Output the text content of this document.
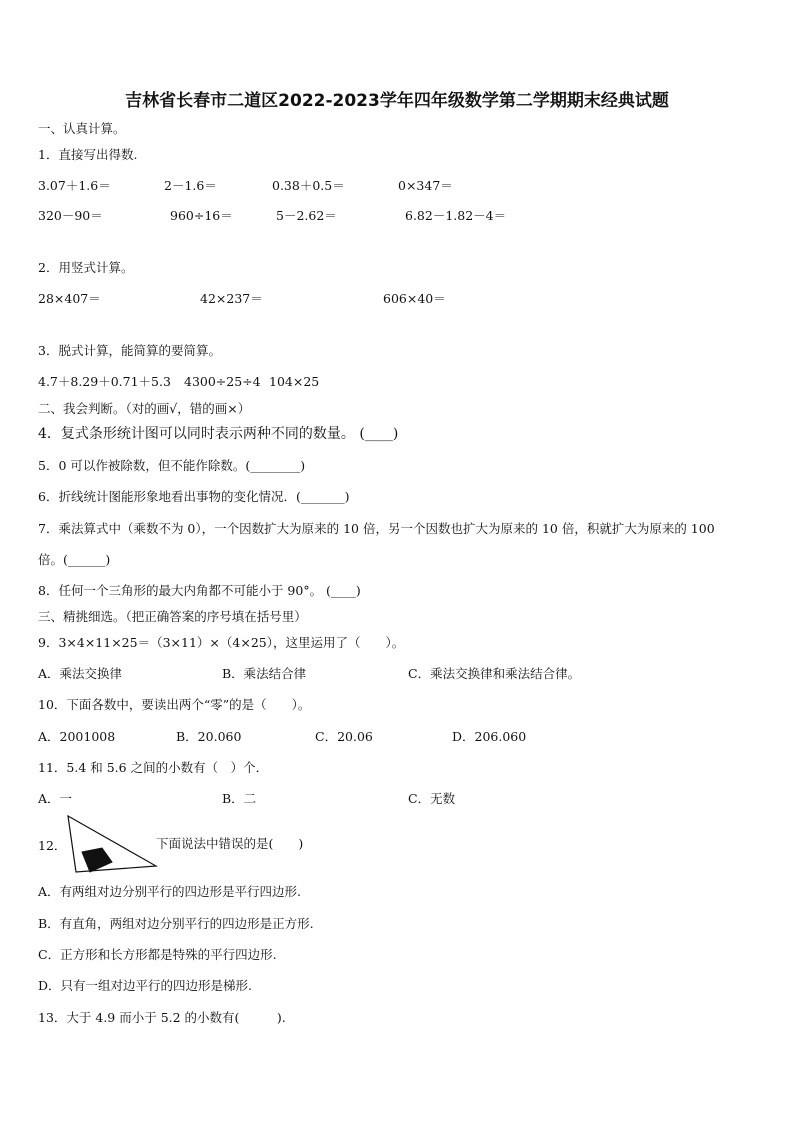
吉林省长春市二道区2022-2023学年四年级数学第二学期期末经典试题
一、认真计算。
1．直接写出得数.
3.07＋1.6＝	2－1.6＝	0.38＋0.5＝	0×347＝
320－90＝	960÷16＝	5－2.62＝	6.82－1.82－4＝
2．用竖式计算。
28×407＝	42×237＝	606×40＝
3．脱式计算，能简算的要简算。
4.7＋8.29＋0.71＋5.3 4300÷25÷4 104×25
二、我会判断。（对的画√，错的画×）
4．复式条形统计图可以同时表示两种不同的数量。 (____)
5．0 可以作被除数，但不能作除数。(________)
6．折线统计图能形象地看出事物的变化情况．(_______)
7．乘法算式中（乘数不为 0），一个因数扩大为原来的 10 倍，另一个因数也扩大为原来的 10 倍，积就扩大为原来的 100
倍。(______)
8．任何一个三角形的最大内角都不可能小于 90°。 (____)
三、精挑细选。（把正确答案的序号填在括号里）
9．3×4×11×25＝（3×11）×（4×25），这里运用了（　　）。
A．乘法交换律	B．乘法结合律	C．乘法交换律和乘法结合律。
10．下面各数中，要读出两个“零”的是（　　）。
A．2001008	B．20.060	C．20.06	D．206.060
11．5.4 和 5.6 之间的小数有（　）个．
A．一	B．二	C．无数
12．	下面说法中错误的是(　　)
A．有两组对边分别平行的四边形是平行四边形.
B．有直角，两组对边分别平行的四边形是正方形.
C．正方形和长方形都是特殊的平行四边形.
D．只有一组对边平行的四边形是梯形.
13．大于 4.9 而小于 5.2 的小数有(　　　).
